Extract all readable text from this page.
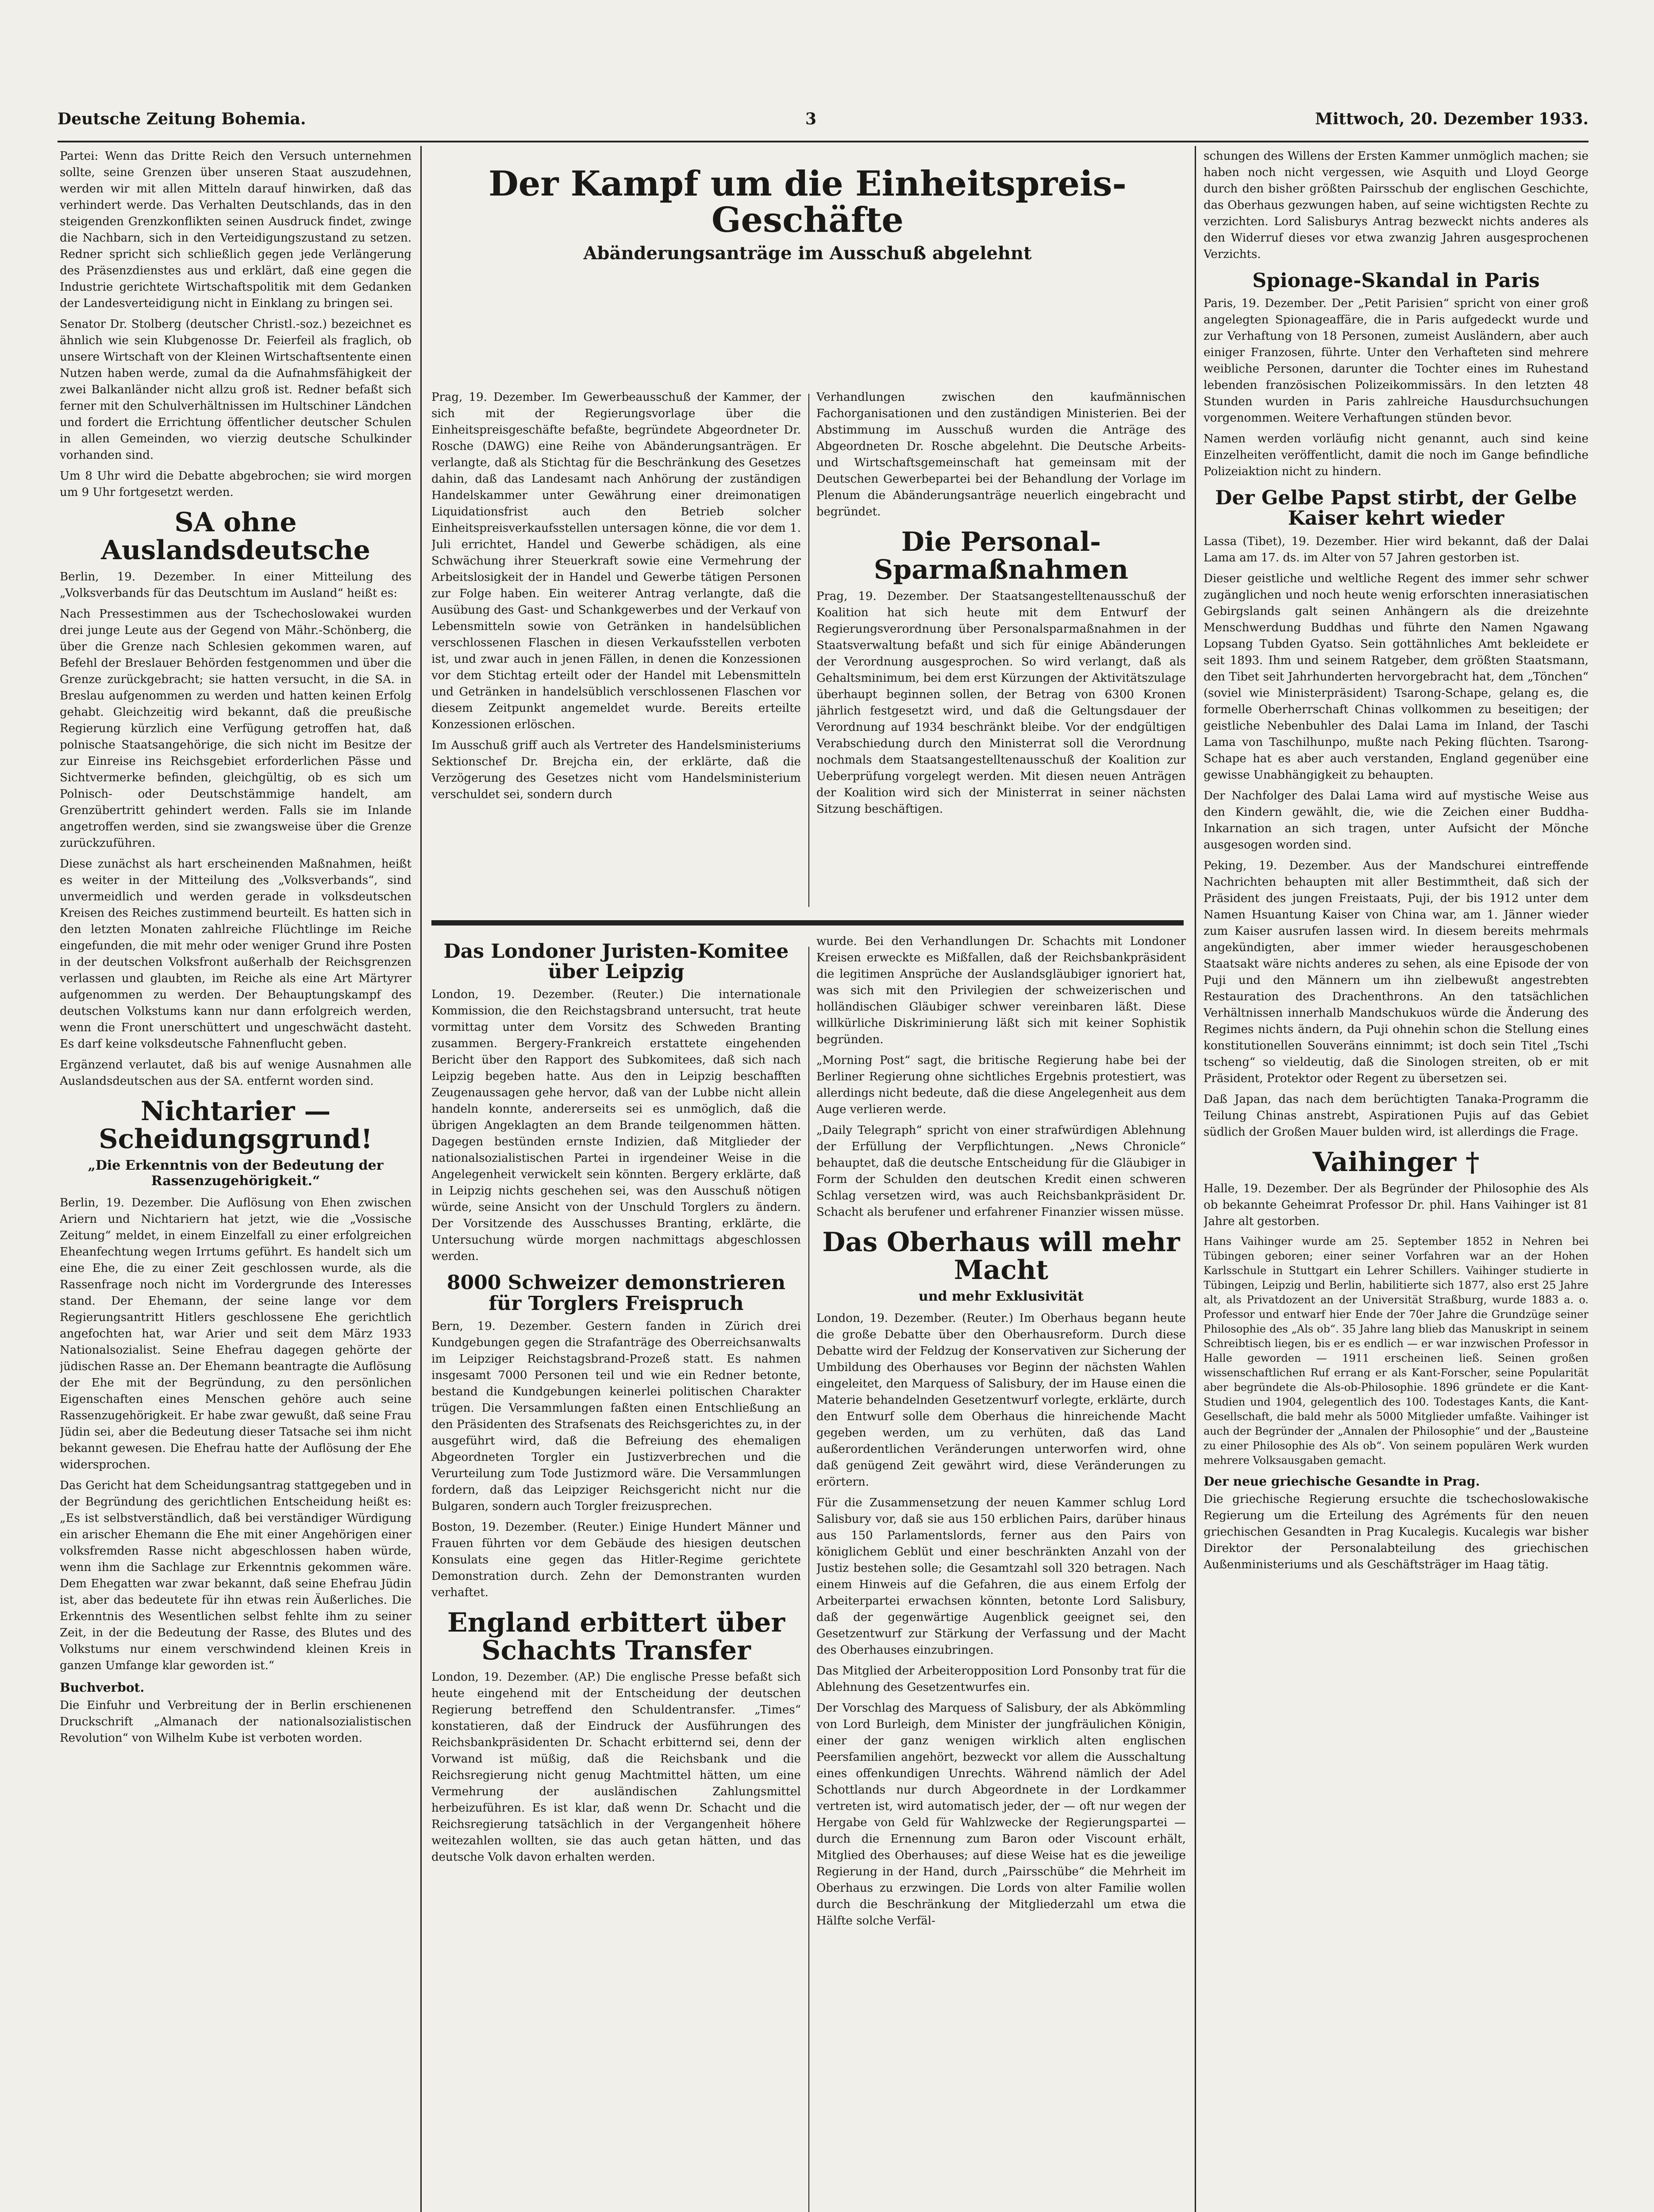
Deutsche Zeitung Bohemia.	3	Mittwoch, 20. Dezember 1933.

Partei: Wenn das Dritte Reich den Versuch unternehmen sollte, seine Grenzen über unseren Staat auszudehnen, werden wir mit allen Mitteln darauf hinwirken, daß das verhindert werde. Das Verhalten Deutschlands, das in den steigenden Grenzkonflikten seinen Ausdruck findet, zwinge die Nachbarn, sich in den Verteidigungszustand zu setzen. Redner spricht sich schließlich gegen jede Verlängerung des Präsenzdienstes aus und erklärt, daß eine gegen die Industrie gerichtete Wirtschaftspolitik mit dem Gedanken der Landesverteidigung nicht in Einklang zu bringen sei.

Senator Dr. Stolberg (deutscher Christl.-soz.) bezeichnet es ähnlich wie sein Klubgenosse Dr. Feierfeil als fraglich, ob unsere Wirtschaft von der Kleinen Wirtschaftsentente einen Nutzen haben werde, zumal da die Aufnahmsfähigkeit der zwei Balkanländer nicht allzu groß ist. Redner befaßt sich ferner mit den Schulverhältnissen im Hultschiner Ländchen und fordert die Errichtung öffentlicher deutscher Schulen in allen Gemeinden, wo vierzig deutsche Schulkinder vorhanden sind.

Um 8 Uhr wird die Debatte abgebrochen; sie wird morgen um 9 Uhr fortgesetzt werden.

SA ohne Auslandsdeutsche

Berlin, 19. Dezember. In einer Mitteilung des „Volksverbands für das Deutschtum im Ausland“ heißt es:

Nach Pressestimmen aus der Tschechoslowakei wurden drei junge Leute aus der Gegend von Mähr.-Schönberg, die über die Grenze nach Schlesien gekommen waren, auf Befehl der Breslauer Behörden festgenommen und über die Grenze zurückgebracht; sie hatten versucht, in die SA. in Breslau aufgenommen zu werden und hatten keinen Erfolg gehabt. Gleichzeitig wird bekannt, daß die preußische Regierung kürzlich eine Verfügung getroffen hat, daß polnische Staatsangehörige, die sich nicht im Besitze der zur Einreise ins Reichsgebiet erforderlichen Pässe und Sichtvermerke befinden, gleichgültig, ob es sich um Polnisch- oder Deutschstämmige handelt, am Grenzübertritt gehindert werden. Falls sie im Inlande angetroffen werden, sind sie zwangsweise über die Grenze zurückzuführen.

Diese zunächst als hart erscheinenden Maßnahmen, heißt es weiter in der Mitteilung des „Volksverbands“, sind unvermeidlich und werden gerade in volksdeutschen Kreisen des Reiches zustimmend beurteilt. Es hatten sich in den letzten Monaten zahlreiche Flüchtlinge im Reiche eingefunden, die mit mehr oder weniger Grund ihre Posten in der deutschen Volksfront außerhalb der Reichsgrenzen verlassen und glaubten, im Reiche als eine Art Märtyrer aufgenommen zu werden. Der Behauptungskampf des deutschen Volkstums kann nur dann erfolgreich werden, wenn die Front unerschüttert und ungeschwächt dasteht. Es darf keine volksdeutsche Fahnenflucht geben.

Ergänzend verlautet, daß bis auf wenige Ausnahmen alle Auslandsdeutschen aus der SA. entfernt worden sind.

Nichtarier — Scheidungsgrund!
„Die Erkenntnis von der Bedeutung der Rassenzugehörigkeit.“

Berlin, 19. Dezember. Die Auflösung von Ehen zwischen Ariern und Nichtariern hat jetzt, wie die „Vossische Zeitung“ meldet, in einem Einzelfall zu einer erfolgreichen Eheanfechtung wegen Irrtums geführt. Es handelt sich um eine Ehe, die zu einer Zeit geschlossen wurde, als die Rassenfrage noch nicht im Vordergrunde des Interesses stand. Der Ehemann, der seine lange vor dem Regierungsantritt Hitlers geschlossene Ehe gerichtlich angefochten hat, war Arier und seit dem März 1933 Nationalsozialist. Seine Ehefrau dagegen gehörte der jüdischen Rasse an. Der Ehemann beantragte die Auflösung der Ehe mit der Begründung, zu den persönlichen Eigenschaften eines Menschen gehöre auch seine Rassenzugehörigkeit. Er habe zwar gewußt, daß seine Frau Jüdin sei, aber die Bedeutung dieser Tatsache sei ihm nicht bekannt gewesen. Die Ehefrau hatte der Auflösung der Ehe widersprochen.

Das Gericht hat dem Scheidungsantrag stattgegeben und in der Begründung des gerichtlichen Entscheidung heißt es: „Es ist selbstverständlich, daß bei verständiger Würdigung ein arischer Ehemann die Ehe mit einer Angehörigen einer volksfremden Rasse nicht abgeschlossen haben würde, wenn ihm die Sachlage zur Erkenntnis gekommen wäre. Dem Ehegatten war zwar bekannt, daß seine Ehefrau Jüdin ist, aber das bedeutete für ihn etwas rein Äußerliches. Die Erkenntnis des Wesentlichen selbst fehlte ihm zu seiner Zeit, in der die Bedeutung der Rasse, des Blutes und des Volkstums nur einem verschwindend kleinen Kreis in ganzen Umfange klar geworden ist.“

Buchverbot.

Die Einfuhr und Verbreitung der in Berlin erschienenen Druckschrift „Almanach der nationalsozialistischen Revolution“ von Wilhelm Kube ist verboten worden.

Der Kampf um die Einheitspreis-Geschäfte
Abänderungsanträge im Ausschuß abgelehnt

Prag, 19. Dezember. Im Gewerbeausschuß der Kammer, der sich mit der Regierungsvorlage über die Einheitspreisgeschäfte befaßte, begründete Abgeordneter Dr. Rosche (DAWG) eine Reihe von Abänderungsanträgen. Er verlangte, daß als Stichtag für die Beschränkung des Gesetzes dahin, daß das Landesamt nach Anhörung der zuständigen Handelskammer unter Gewährung einer dreimonatigen Liquidationsfrist auch den Betrieb solcher Einheitspreisverkaufsstellen untersagen könne, die vor dem 1. Juli errichtet, Handel und Gewerbe schädigen, als eine Schwächung ihrer Steuerkraft sowie eine Vermehrung der Arbeitslosigkeit der in Handel und Gewerbe tätigen Personen zur Folge haben. Ein weiterer Antrag verlangte, daß die Ausübung des Gast- und Schankgewerbes und der Verkauf von Lebensmitteln sowie von Getränken in handelsüblichen verschlossenen Flaschen in diesen Verkaufsstellen verboten ist, und zwar auch in jenen Fällen, in denen die Konzessionen vor dem Stichtag erteilt oder der Handel mit Lebensmitteln und Getränken in handelsüblich verschlossenen Flaschen vor diesem Zeitpunkt angemeldet wurde. Bereits erteilte Konzessionen erlöschen.

Im Ausschuß griff auch als Vertreter des Handelsministeriums Sektionschef Dr. Brejcha ein, der erklärte, daß die Verzögerung des Gesetzes nicht vom Handelsministerium verschuldet sei, sondern durch

Verhandlungen zwischen den kaufmännischen Fachorganisationen und den zuständigen Ministerien. Bei der Abstimmung im Ausschuß wurden die Anträge des Abgeordneten Dr. Rosche abgelehnt. Die Deutsche Arbeits- und Wirtschaftsgemeinschaft hat gemeinsam mit der Deutschen Gewerbepartei bei der Behandlung der Vorlage im Plenum die Abänderungsanträge neuerlich eingebracht und begründet.

Die Personal-Sparmaßnahmen

Prag, 19. Dezember. Der Staatsangestelltenausschuß der Koalition hat sich heute mit dem Entwurf der Regierungsverordnung über Personalsparmaßnahmen in der Staatsverwaltung befaßt und sich für einige Abänderungen der Verordnung ausgesprochen. So wird verlangt, daß als Gehaltsminimum, bei dem erst Kürzungen der Aktivitätszulage überhaupt beginnen sollen, der Betrag von 6300 Kronen jährlich festgesetzt wird, und daß die Geltungsdauer der Verordnung auf 1934 beschränkt bleibe. Vor der endgültigen Verabschiedung durch den Ministerrat soll die Verordnung nochmals dem Staatsangestelltenausschuß der Koalition zur Ueberprüfung vorgelegt werden. Mit diesen neuen Anträgen der Koalition wird sich der Ministerrat in seiner nächsten Sitzung beschäftigen.

Das Londoner Juristen-Komitee über Leipzig

London, 19. Dezember. (Reuter.) Die internationale Kommission, die den Reichstagsbrand untersucht, trat heute vormittag unter dem Vorsitz des Schweden Branting zusammen. Bergery-Frankreich erstattete eingehenden Bericht über den Rapport des Subkomitees, daß sich nach Leipzig begeben hatte. Aus den in Leipzig beschafften Zeugenaussagen gehe hervor, daß van der Lubbe nicht allein handeln konnte, andererseits sei es unmöglich, daß die übrigen Angeklagten an dem Brande teilgenommen hätten. Dagegen bestünden ernste Indizien, daß Mitglieder der nationalsozialistischen Partei in irgendeiner Weise in die Angelegenheit verwickelt sein könnten. Bergery erklärte, daß in Leipzig nichts geschehen sei, was den Ausschuß nötigen würde, seine Ansicht von der Unschuld Torglers zu ändern. Der Vorsitzende des Ausschusses Branting, erklärte, die Untersuchung würde morgen nachmittags abgeschlossen werden.

8000 Schweizer demonstrieren für Torglers Freispruch

Bern, 19. Dezember. Gestern fanden in Zürich drei Kundgebungen gegen die Strafanträge des Oberreichsanwalts im Leipziger Reichstagsbrand-Prozeß statt. Es nahmen insgesamt 7000 Personen teil und wie ein Redner betonte, bestand die Kundgebungen keinerlei politischen Charakter trügen. Die Versammlungen faßten einen Entschließung an den Präsidenten des Strafsenats des Reichsgerichtes zu, in der ausgeführt wird, daß die Befreiung des ehemaligen Abgeordneten Torgler ein Justizverbrechen und die Verurteilung zum Tode Justizmord wäre. Die Versammlungen fordern, daß das Leipziger Reichsgericht nicht nur die Bulgaren, sondern auch Torgler freizusprechen.

Boston, 19. Dezember. (Reuter.) Einige Hundert Männer und Frauen führten vor dem Gebäude des hiesigen deutschen Konsulats eine gegen das Hitler-Regime gerichtete Demonstration durch. Zehn der Demonstranten wurden verhaftet.

England erbittert über Schachts Transfer

London, 19. Dezember. (AP.) Die englische Presse befaßt sich heute eingehend mit der Entscheidung der deutschen Regierung betreffend den Schuldentransfer. „Times“ konstatieren, daß der Eindruck der Ausführungen des Reichsbankpräsidenten Dr. Schacht erbitternd sei, denn der Vorwand ist müßig, daß die Reichsbank und die Reichsregierung nicht genug Machtmittel hätten, um eine Vermehrung der ausländischen Zahlungsmittel herbeizuführen. Es ist klar, daß wenn Dr. Schacht und die Reichsregierung tatsächlich in der Vergangenheit höhere weitezahlen wollten, sie das auch getan hätten, und das deutsche Volk davon erhalten werden.

wurde. Bei den Verhandlungen Dr. Schachts mit Londoner Kreisen erweckte es Mißfallen, daß der Reichsbankpräsident die legitimen Ansprüche der Auslandsgläubiger ignoriert hat, was sich mit den Privilegien der schweizerischen und holländischen Gläubiger schwer vereinbaren läßt. Diese willkürliche Diskriminierung läßt sich mit keiner Sophistik begründen.

„Morning Post“ sagt, die britische Regierung habe bei der Berliner Regierung ohne sichtliches Ergebnis protestiert, was allerdings nicht bedeute, daß die diese Angelegenheit aus dem Auge verlieren werde.

„Daily Telegraph“ spricht von einer strafwürdigen Ablehnung der Erfüllung der Verpflichtungen. „News Chronicle“ behauptet, daß die deutsche Entscheidung für die Gläubiger in Form der Schulden den deutschen Kredit einen schweren Schlag versetzen wird, was auch Reichsbankpräsident Dr. Schacht als berufener und erfahrener Finanzier wissen müsse.

Das Oberhaus will mehr Macht
und mehr Exklusivität

London, 19. Dezember. (Reuter.) Im Oberhaus begann heute die große Debatte über den Oberhausreform. Durch diese Debatte wird der Feldzug der Konservativen zur Sicherung der Umbildung des Oberhauses vor Beginn der nächsten Wahlen eingeleitet, den Marquess of Salisbury, der im Hause einen die Materie behandelnden Gesetzentwurf vorlegte, erklärte, durch den Entwurf solle dem Oberhaus die hinreichende Macht gegeben werden, um zu verhüten, daß das Land außerordentlichen Veränderungen unterworfen wird, ohne daß genügend Zeit gewährt wird, diese Veränderungen zu erörtern.

Für die Zusammensetzung der neuen Kammer schlug Lord Salisbury vor, daß sie aus 150 erblichen Pairs, darüber hinaus aus 150 Parlamentslords, ferner aus den Pairs von königlichem Geblüt und einer beschränkten Anzahl von der Justiz bestehen solle; die Gesamtzahl soll 320 betragen. Nach einem Hinweis auf die Gefahren, die aus einem Erfolg der Arbeiterpartei erwachsen könnten, betonte Lord Salisbury, daß der gegenwärtige Augenblick geeignet sei, den Gesetzentwurf zur Stärkung der Verfassung und der Macht des Oberhauses einzubringen.

Das Mitglied der Arbeiteropposition Lord Ponsonby trat für die Ablehnung des Gesetzentwurfes ein.

Der Vorschlag des Marquess of Salisbury, der als Abkömmling von Lord Burleigh, dem Minister der jungfräulichen Königin, einer der ganz wenigen wirklich alten englischen Peersfamilien angehört, bezweckt vor allem die Ausschaltung eines offenkundigen Unrechts. Während nämlich der Adel Schottlands nur durch Abgeordnete in der Lordkammer vertreten ist, wird automatisch jeder, der — oft nur wegen der Hergabe von Geld für Wahlzwecke der Regierungspartei — durch die Ernennung zum Baron oder Viscount erhält, Mitglied des Oberhauses; auf diese Weise hat es die jeweilige Regierung in der Hand, durch „Pairsschübe“ die Mehrheit im Oberhaus zu erzwingen. Die Lords von alter Familie wollen durch die Beschränkung der Mitgliederzahl um etwa die Hälfte solche Verfäl-

schungen des Willens der Ersten Kammer unmöglich machen; sie haben noch nicht vergessen, wie Asquith und Lloyd George durch den bisher größten Pairsschub der englischen Geschichte, das Oberhaus gezwungen haben, auf seine wichtigsten Rechte zu verzichten. Lord Salisburys Antrag bezweckt nichts anderes als den Widerruf dieses vor etwa zwanzig Jahren ausgesprochenen Verzichts.

Spionage-Skandal in Paris

Paris, 19. Dezember. Der „Petit Parisien“ spricht von einer groß angelegten Spionageaffäre, die in Paris aufgedeckt wurde und zur Verhaftung von 18 Personen, zumeist Ausländern, aber auch einiger Franzosen, führte. Unter den Verhafteten sind mehrere weibliche Personen, darunter die Tochter eines im Ruhestand lebenden französischen Polizeikommissärs. In den letzten 48 Stunden wurden in Paris zahlreiche Hausdurchsuchungen vorgenommen. Weitere Verhaftungen stünden bevor.

Namen werden vorläufig nicht genannt, auch sind keine Einzelheiten veröffentlicht, damit die noch im Gange befindliche Polizeiaktion nicht zu hindern.

Der Gelbe Papst stirbt, der Gelbe Kaiser kehrt wieder

Lassa (Tibet), 19. Dezember. Hier wird bekannt, daß der Dalai Lama am 17. ds. im Alter von 57 Jahren gestorben ist.

Dieser geistliche und weltliche Regent des immer sehr schwer zugänglichen und noch heute wenig erforschten innerasiatischen Gebirgslands galt seinen Anhängern als die dreizehnte Menschwerdung Buddhas und führte den Namen Ngawang Lopsang Tubden Gyatso. Sein gottähnliches Amt bekleidete er seit 1893. Ihm und seinem Ratgeber, dem größten Staatsmann, den Tibet seit Jahrhunderten hervorgebracht hat, dem „Tönchen“ (soviel wie Ministerpräsident) Tsarong-Schape, gelang es, die formelle Oberherrschaft Chinas vollkommen zu beseitigen; der geistliche Nebenbuhler des Dalai Lama im Inland, der Taschi Lama von Taschilhunpo, mußte nach Peking flüchten. Tsarong-Schape hat es aber auch verstanden, England gegenüber eine gewisse Unabhängigkeit zu behaupten.

Der Nachfolger des Dalai Lama wird auf mystische Weise aus den Kindern gewählt, die, wie die Zeichen einer Buddha-Inkarnation an sich tragen, unter Aufsicht der Mönche ausgesogen worden sind.

Peking, 19. Dezember. Aus der Mandschurei eintreffende Nachrichten behaupten mit aller Bestimmtheit, daß sich der Präsident des jungen Freistaats, Puji, der bis 1912 unter dem Namen Hsuantung Kaiser von China war, am 1. Jänner wieder zum Kaiser ausrufen lassen wird. In diesem bereits mehrmals angekündigten, aber immer wieder herausgeschobenen Staatsakt wäre nichts anderes zu sehen, als eine Episode der von Puji und den Männern um ihn zielbewußt angestrebten Restauration des Drachenthrons. An den tatsächlichen Verhältnissen innerhalb Mandschukuos würde die Änderung des Regimes nichts ändern, da Puji ohnehin schon die Stellung eines konstitutionellen Souveräns einnimmt; ist doch sein Titel „Tschi tscheng“ so vieldeutig, daß die Sinologen streiten, ob er mit Präsident, Protektor oder Regent zu übersetzen sei.

Daß Japan, das nach dem berüchtigten Tanaka-Programm die Teilung Chinas anstrebt, Aspirationen Pujis auf das Gebiet südlich der Großen Mauer bulden wird, ist allerdings die Frage.

Vaihinger †

Halle, 19. Dezember. Der als Begründer der Philosophie des Als ob bekannte Geheimrat Professor Dr. phil. Hans Vaihinger ist 81 Jahre alt gestorben.

Hans Vaihinger wurde am 25. September 1852 in Nehren bei Tübingen geboren; einer seiner Vorfahren war an der Hohen Karlsschule in Stuttgart ein Lehrer Schillers. Vaihinger studierte in Tübingen, Leipzig und Berlin, habilitierte sich 1877, also erst 25 Jahre alt, als Privatdozent an der Universität Straßburg, wurde 1883 a. o. Professor und entwarf hier Ende der 70er Jahre die Grundzüge seiner Philosophie des „Als ob“. 35 Jahre lang blieb das Manuskript in seinem Schreibtisch liegen, bis er es endlich — er war inzwischen Professor in Halle geworden — 1911 erscheinen ließ. Seinen großen wissenschaftlichen Ruf errang er als Kant-Forscher, seine Popularität aber begründete die Als-ob-Philosophie. 1896 gründete er die Kant-Studien und 1904, gelegentlich des 100. Todestages Kants, die Kant-Gesellschaft, die bald mehr als 5000 Mitglieder umfaßte. Vaihinger ist auch der Begründer der „Annalen der Philosophie“ und der „Bausteine zu einer Philosophie des Als ob“. Von seinem populären Werk wurden mehrere Volksausgaben gemacht.

Der neue griechische Gesandte in Prag.

Die griechische Regierung ersuchte die tschechoslowakische Regierung um die Erteilung des Agréments für den neuen griechischen Gesandten in Prag Kucalegis. Kucalegis war bisher Direktor der Personalabteilung des griechischen Außenministeriums und als Geschäftsträger im Haag tätig.
